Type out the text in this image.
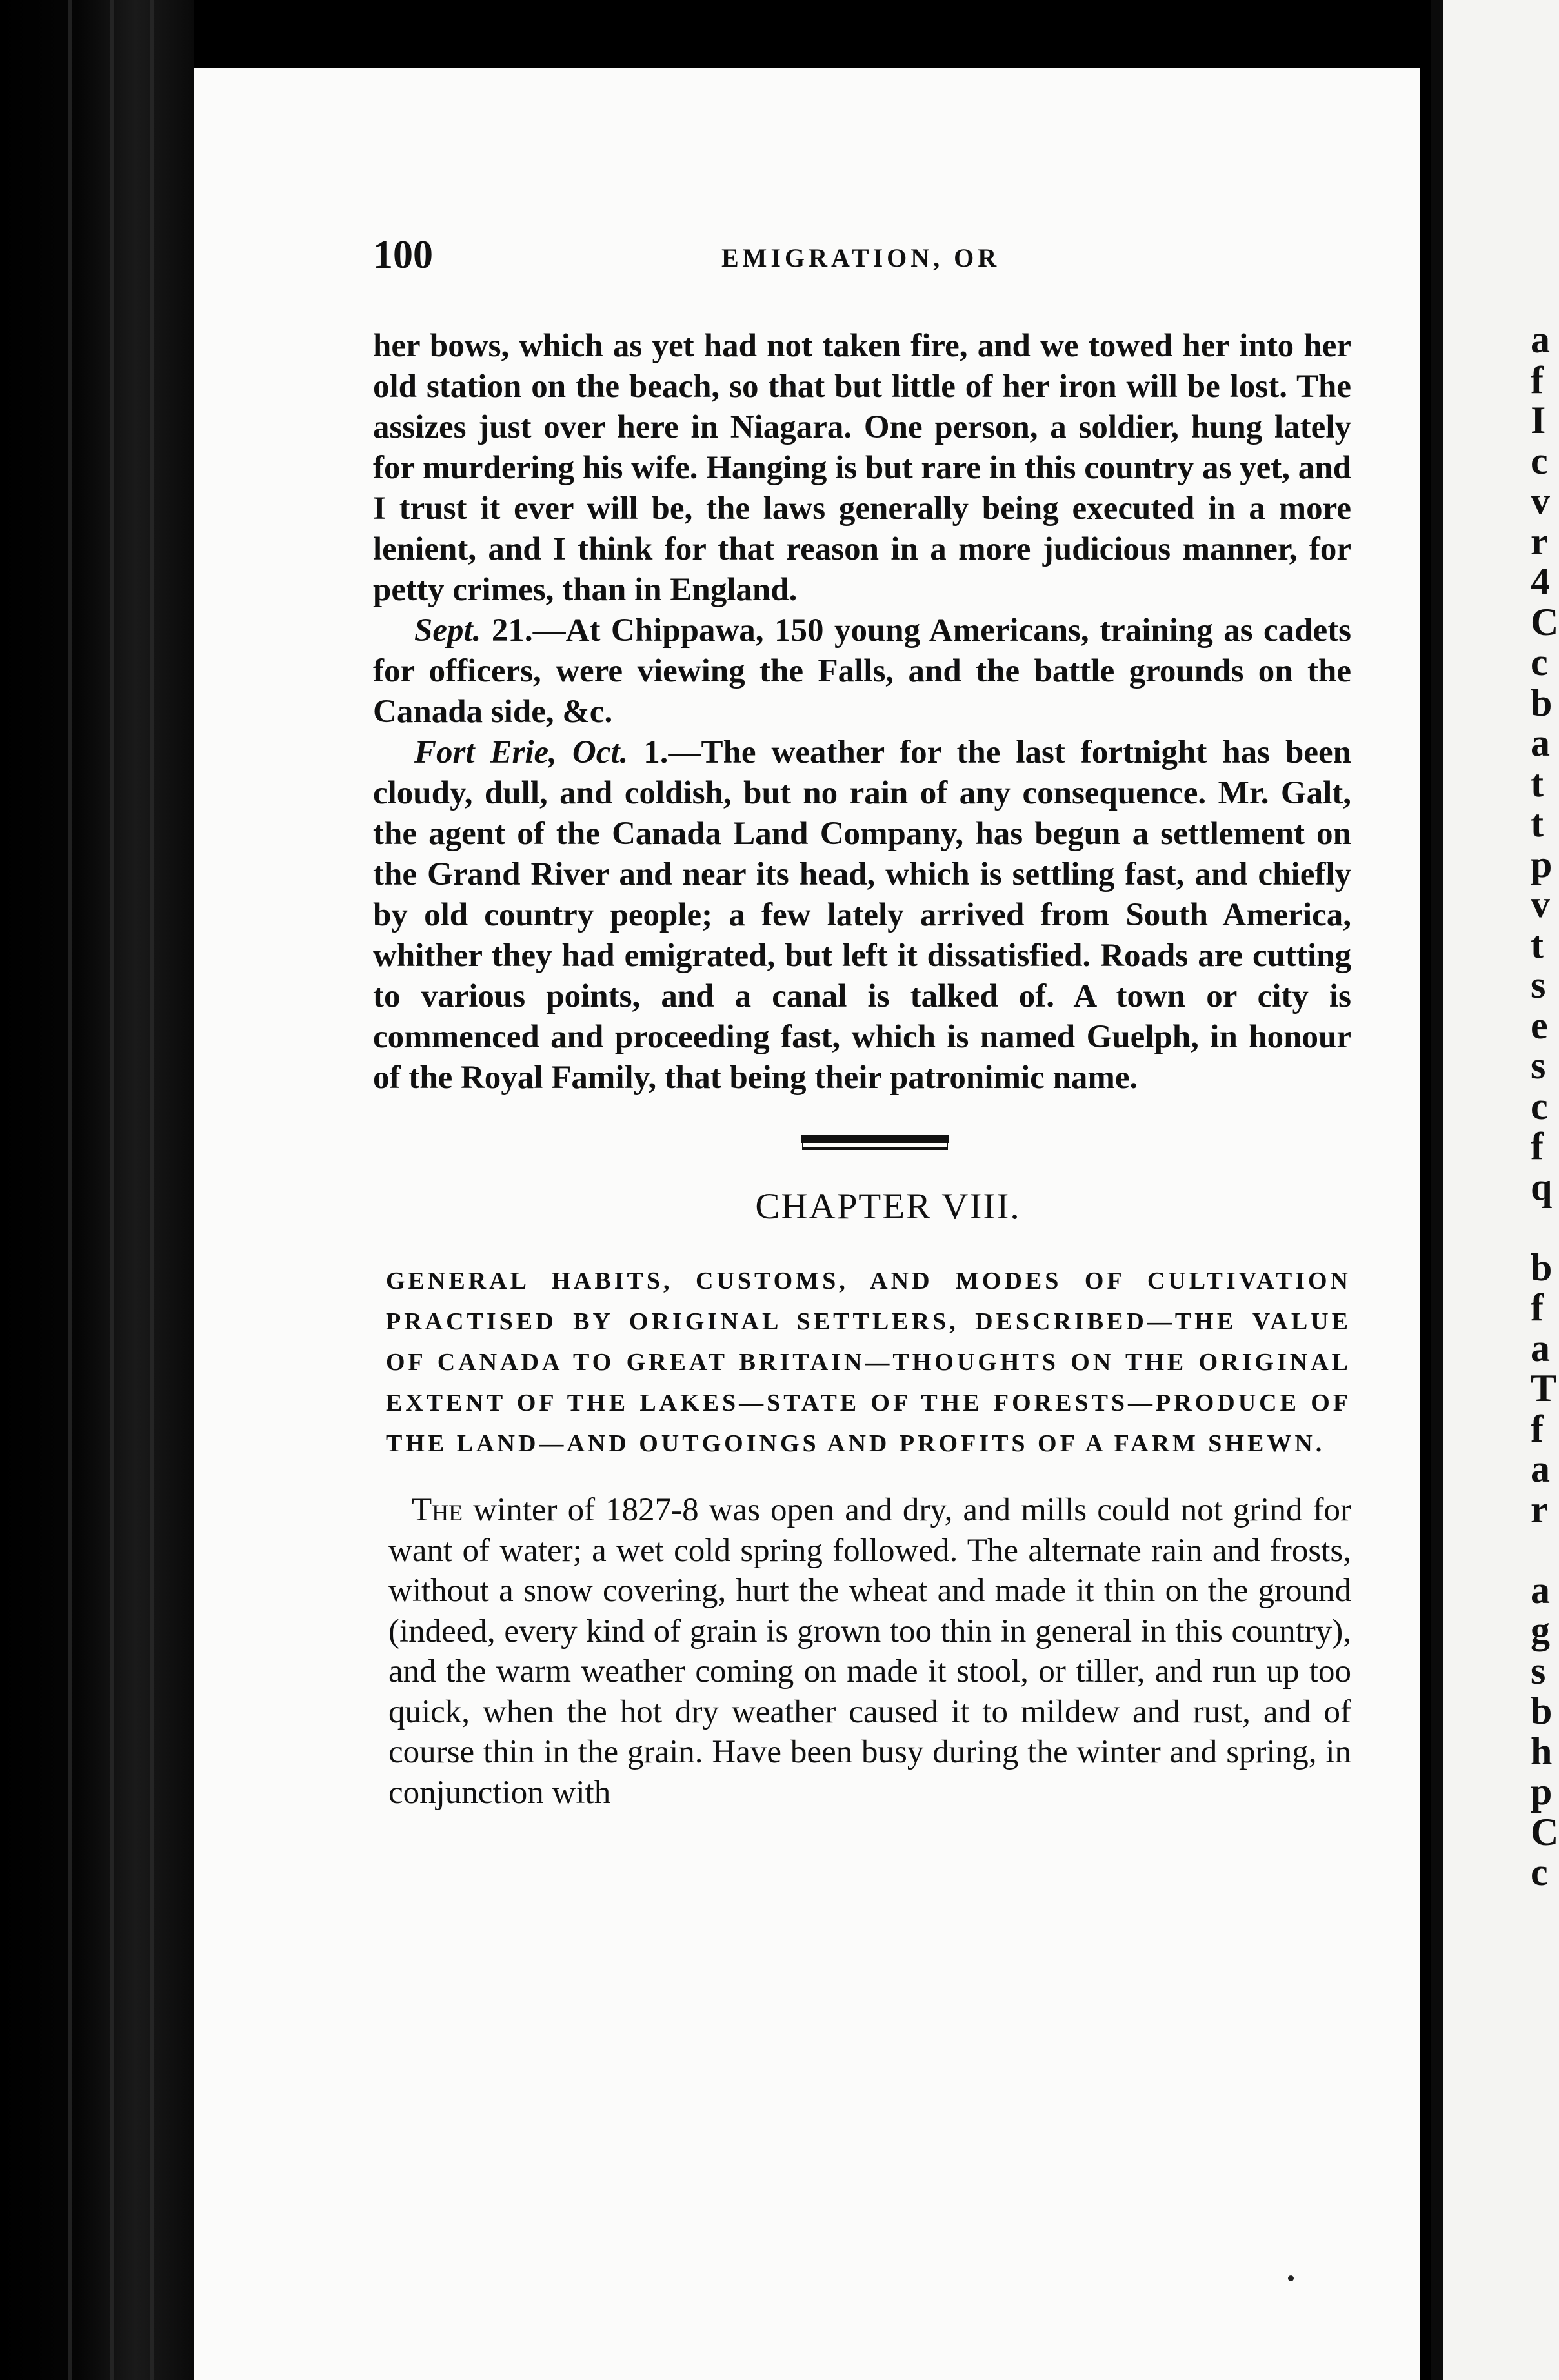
a
f
I
c
v
r
4
C
c
b
a
t
t
p
v
t
s
e
s
c
f
q

b
f
a
T
f
a
r

a
g
s
b
h
p
C
c
100	EMIGRATION, OR

her bows, which as yet had not taken fire, and we towed her into her old station on the beach, so that but little of her iron will be lost. The assizes just over here in Niagara. One person, a soldier, hung lately for murdering his wife. Hanging is but rare in this country as yet, and I trust it ever will be, the laws generally being executed in a more lenient, and I think for that reason in a more judicious manner, for petty crimes, than in England.

Sept. 21.—At Chippawa, 150 young Americans, training as cadets for officers, were viewing the Falls, and the battle grounds on the Canada side, &c.

Fort Erie, Oct. 1.—The weather for the last fortnight has been cloudy, dull, and coldish, but no rain of any consequence. Mr. Galt, the agent of the Canada Land Company, has begun a settlement on the Grand River and near its head, which is settling fast, and chiefly by old country people; a few lately arrived from South America, whither they had emigrated, but left it dissatisfied. Roads are cutting to various points, and a canal is talked of. A town or city is commenced and proceeding fast, which is named Guelph, in honour of the Royal Family, that being their patronimic name.

CHAPTER VIII.

GENERAL HABITS, CUSTOMS, AND MODES OF CULTIVATION PRACTISED BY ORIGINAL SETTLERS, DESCRIBED—THE VALUE OF CANADA TO GREAT BRITAIN—THOUGHTS ON THE ORIGINAL EXTENT OF THE LAKES—STATE OF THE FORESTS—PRODUCE OF THE LAND—AND OUTGOINGS AND PROFITS OF A FARM SHEWN.

The winter of 1827-8 was open and dry, and mills could not grind for want of water; a wet cold spring followed. The alternate rain and frosts, without a snow covering, hurt the wheat and made it thin on the ground (indeed, every kind of grain is grown too thin in general in this country), and the warm weather coming on made it stool, or tiller, and run up too quick, when the hot dry weather caused it to mildew and rust, and of course thin in the grain. Have been busy during the winter and spring, in conjunction with
